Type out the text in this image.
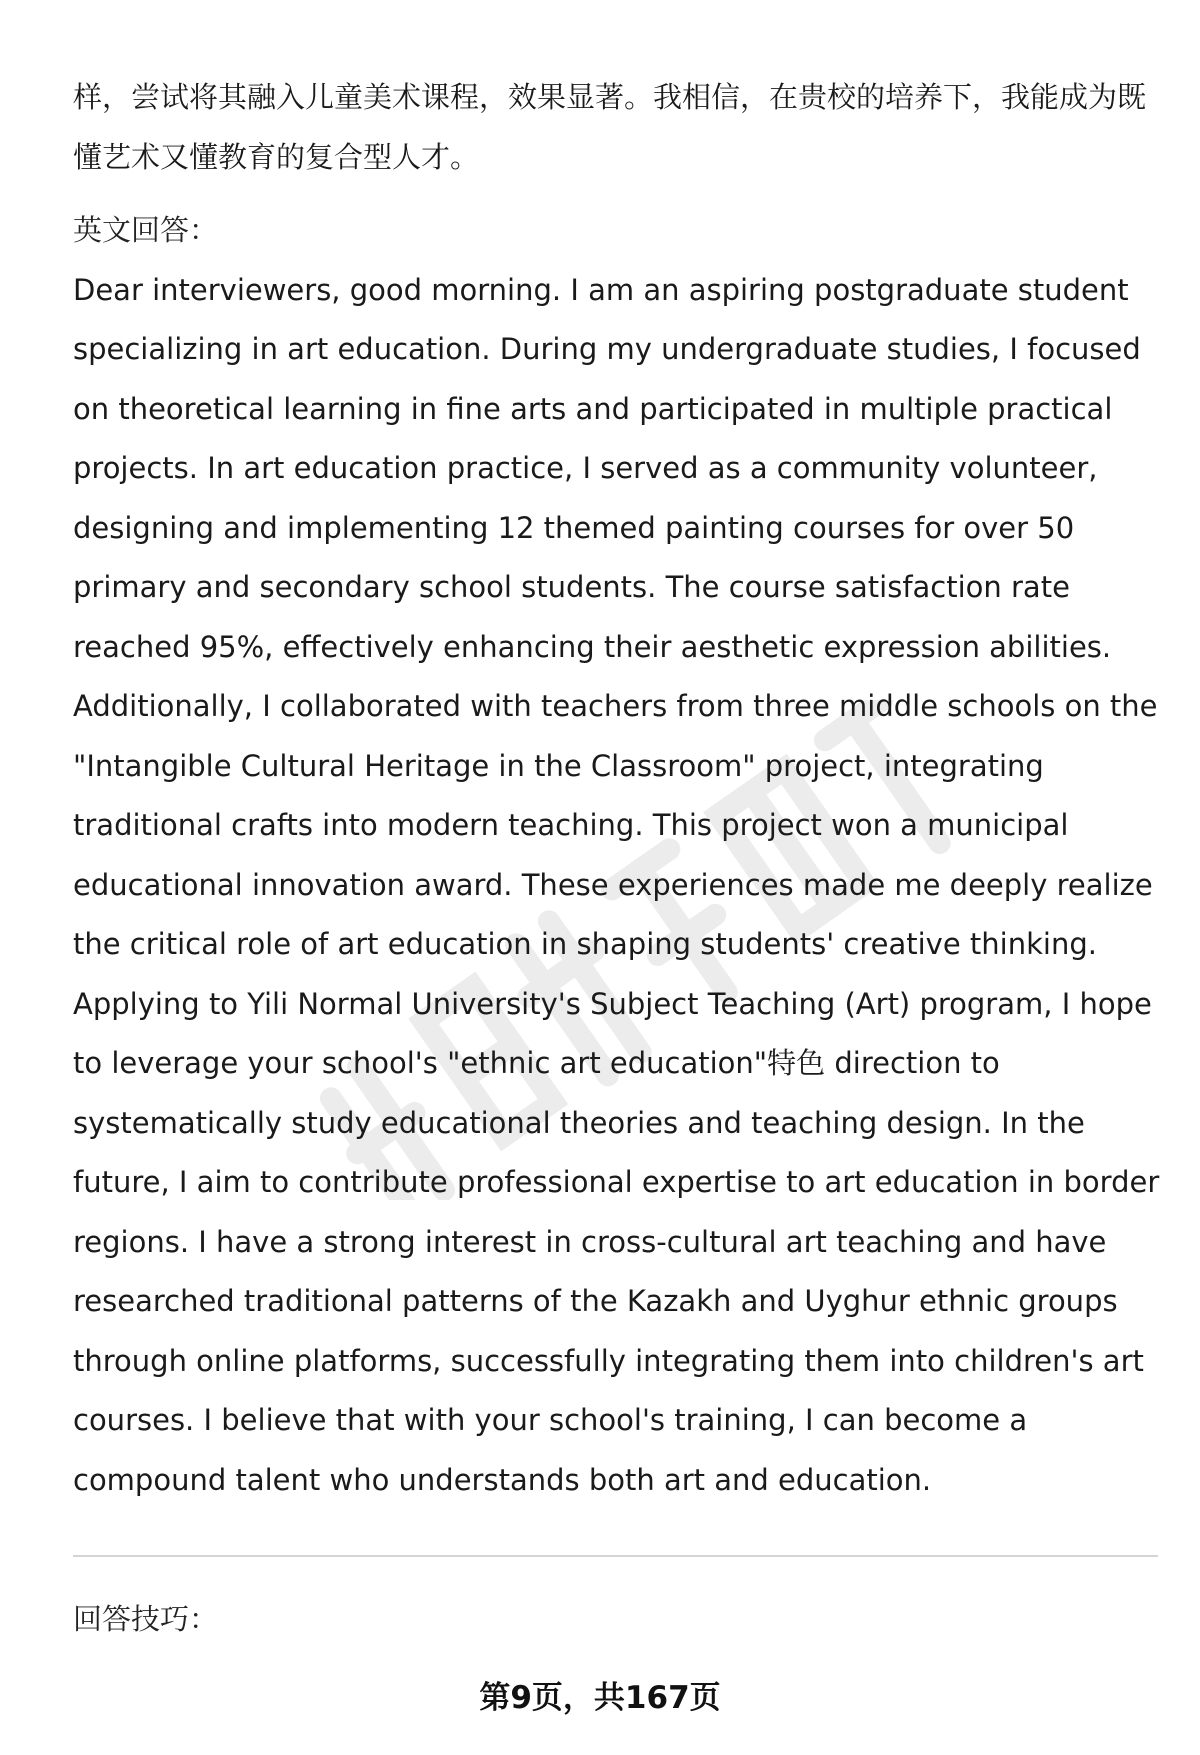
样，尝试将其融入儿童美术课程，效果显著。我相信，在贵校的培养下，我能成为既懂艺术又懂教育的复合型人才。

英文回答：

Dear interviewers, good morning. I am an aspiring postgraduate student specializing in art education. During my undergraduate studies, I focused on theoretical learning in fine arts and participated in multiple practical projects. In art education practice, I served as a community volunteer, designing and implementing 12 themed painting courses for over 50 primary and secondary school students. The course satisfaction rate reached 95%, effectively enhancing their aesthetic expression abilities. Additionally, I collaborated with teachers from three middle schools on the "Intangible Cultural Heritage in the Classroom" project, integrating traditional crafts into modern teaching. This project won a municipal educational innovation award. These experiences made me deeply realize the critical role of art education in shaping students' creative thinking. Applying to Yili Normal University's Subject Teaching (Art) program, I hope to leverage your school's "ethnic art education"特色 direction to systematically study educational theories and teaching design. In the future, I aim to contribute professional expertise to art education in border regions. I have a strong interest in cross-cultural art teaching and have researched traditional patterns of the Kazakh and Uyghur ethnic groups through online platforms, successfully integrating them into children's art courses. I believe that with your school's training, I can become a compound talent who understands both art and education.

回答技巧：
第9页，共167页
